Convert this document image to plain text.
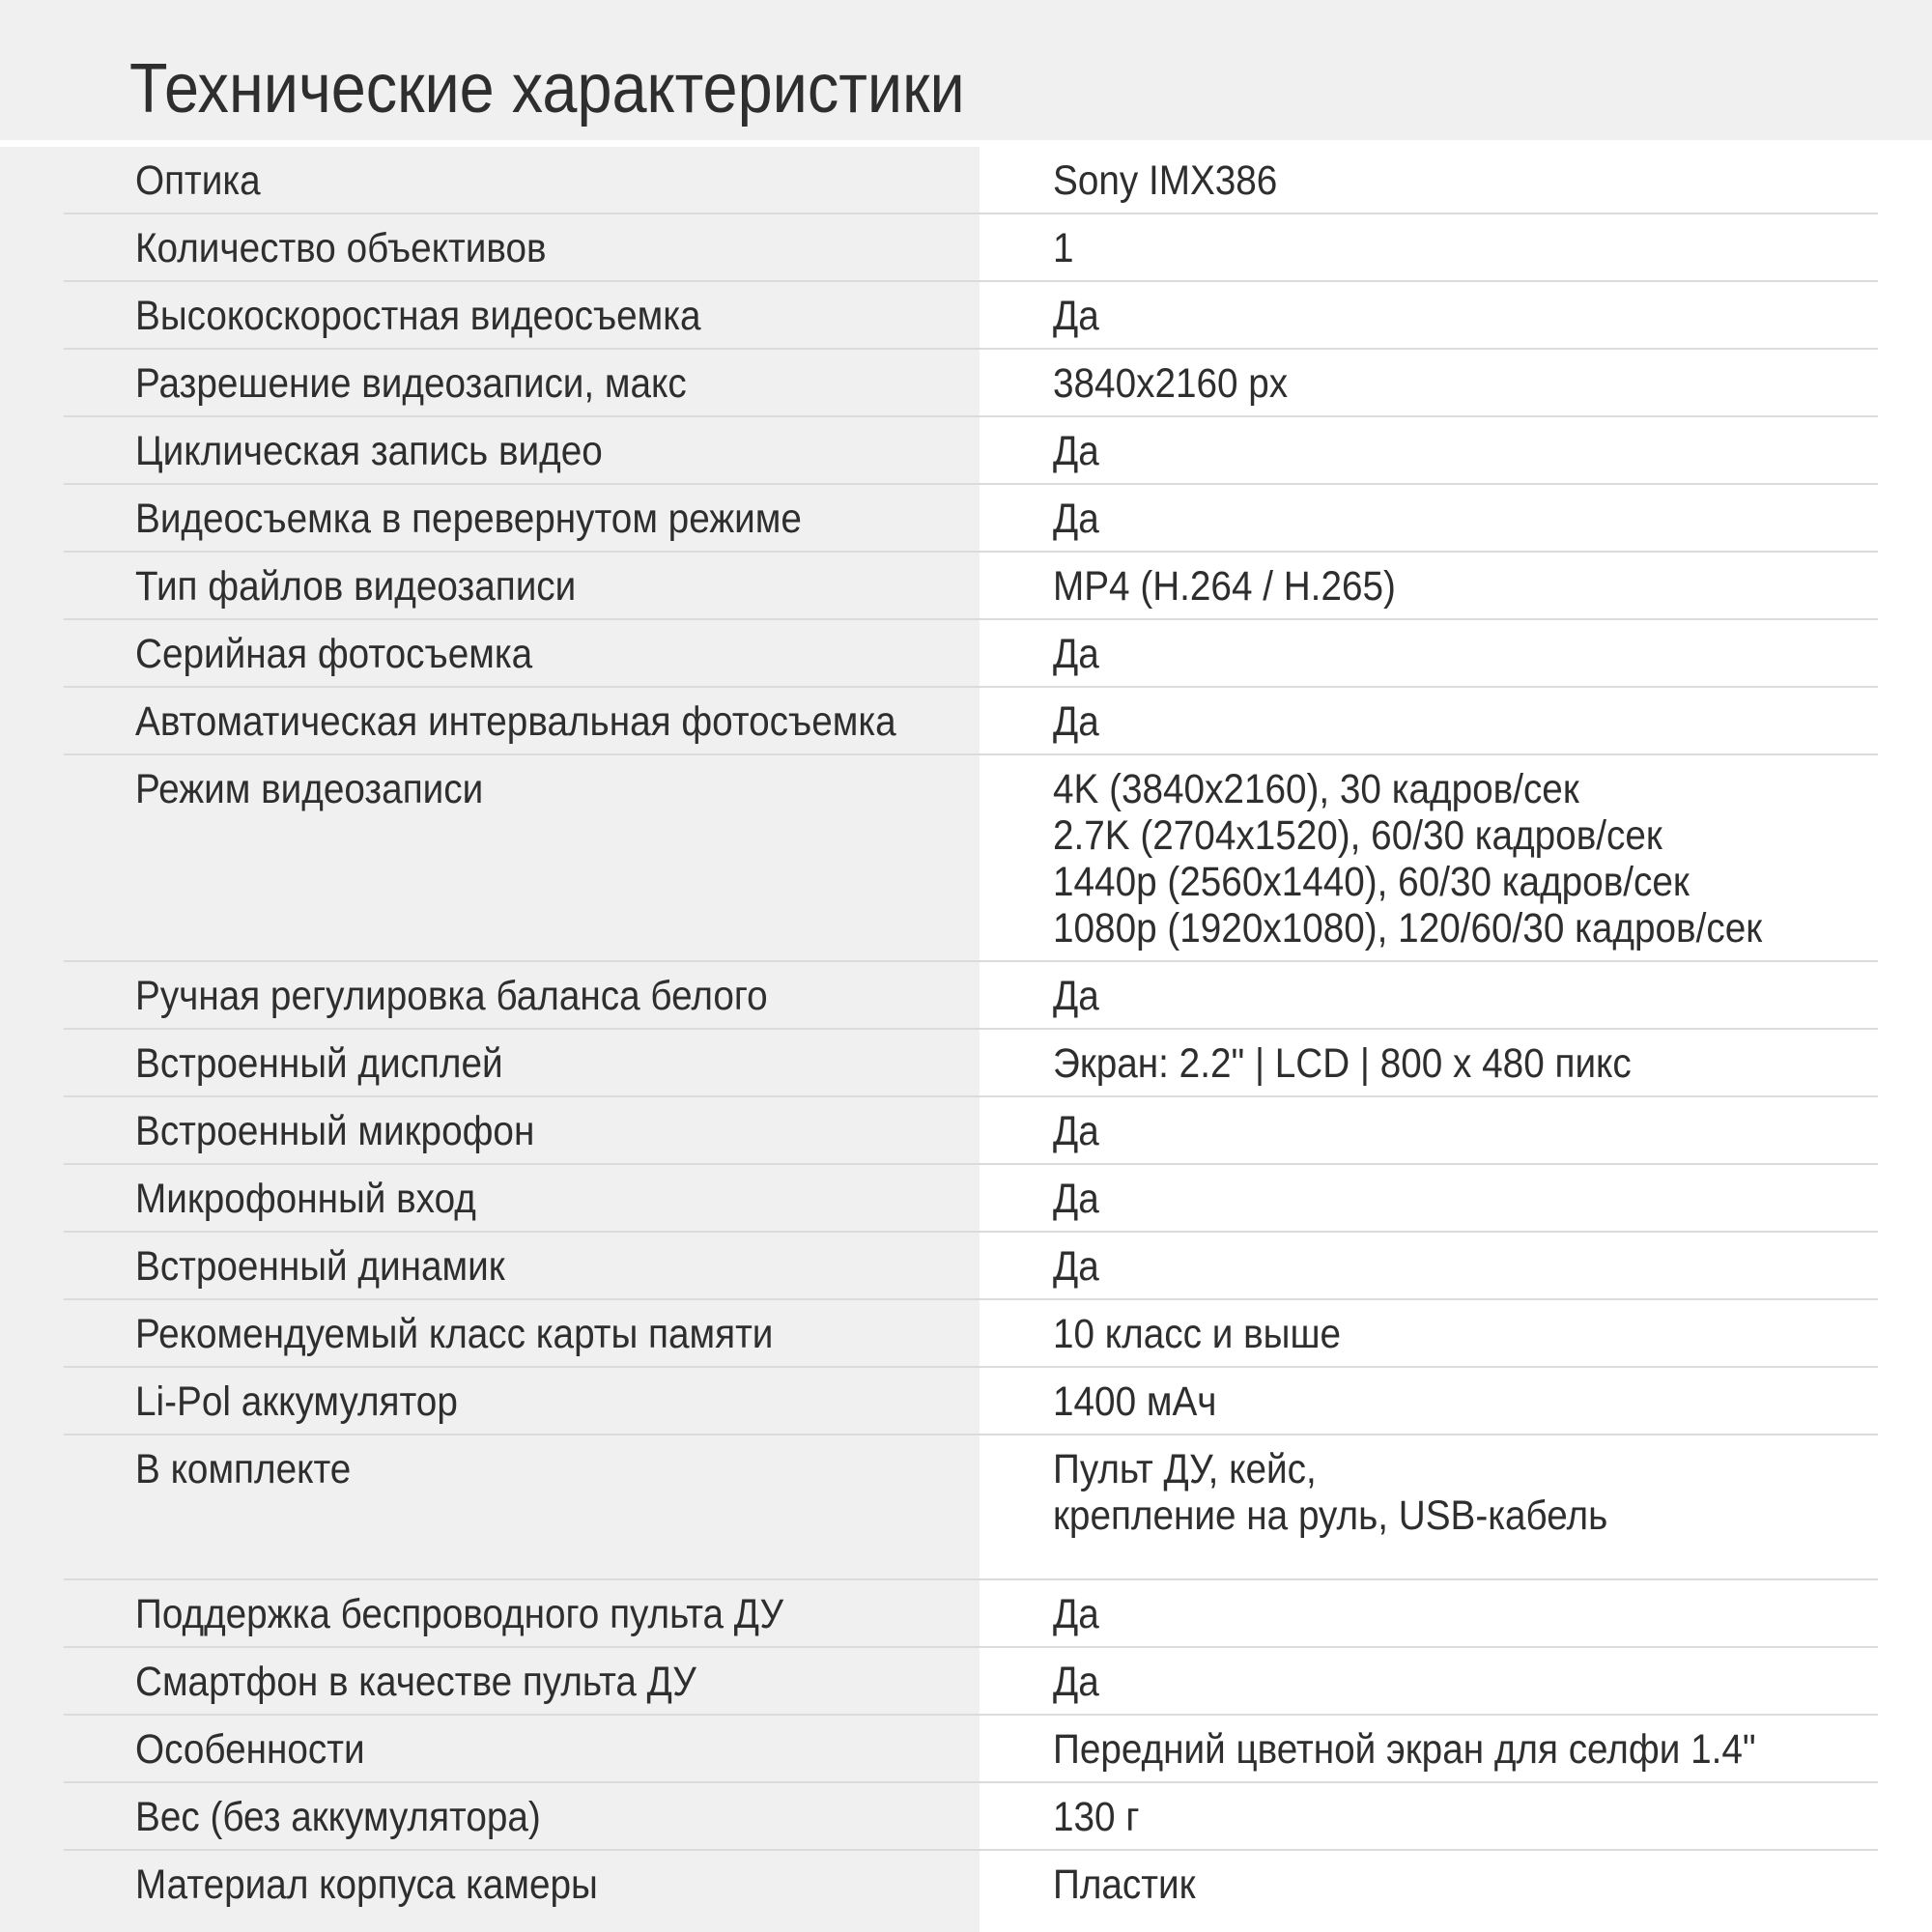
Технические характеристики
Оптика	Sony IMX386
Количество объективов	1
Высокоскоростная видеосъемка	Да
Разрешение видеозаписи, макс	3840x2160 px
Циклическая запись видео	Да
Видеосъемка в перевернутом режиме	Да
Тип файлов видеозаписи	MP4 (H.264 / H.265)
Серийная фотосъемка	Да
Автоматическая интервальная фотосъемка	Да
Режим видеозаписи	4K (3840x2160), 30 кадров/сек
2.7K (2704x1520), 60/30 кадров/сек
1440p (2560x1440), 60/30 кадров/сек
1080p (1920x1080), 120/60/30 кадров/сек
Ручная регулировка баланса белого	Да
Встроенный дисплей	Экран: 2.2" | LCD | 800 x 480 пикс
Встроенный микрофон	Да
Микрофонный вход	Да
Встроенный динамик	Да
Рекомендуемый класс карты памяти	10 класс и выше
Li-Pol аккумулятор	1400 мАч
В комплекте	Пульт ДУ, кейс,
крепление на руль, USB-кабель
Поддержка беспроводного пульта ДУ	Да
Смартфон в качестве пульта ДУ	Да
Особенности	Передний цветной экран для селфи 1.4"
Вес (без аккумулятора)	130 г
Материал корпуса камеры	Пластик
